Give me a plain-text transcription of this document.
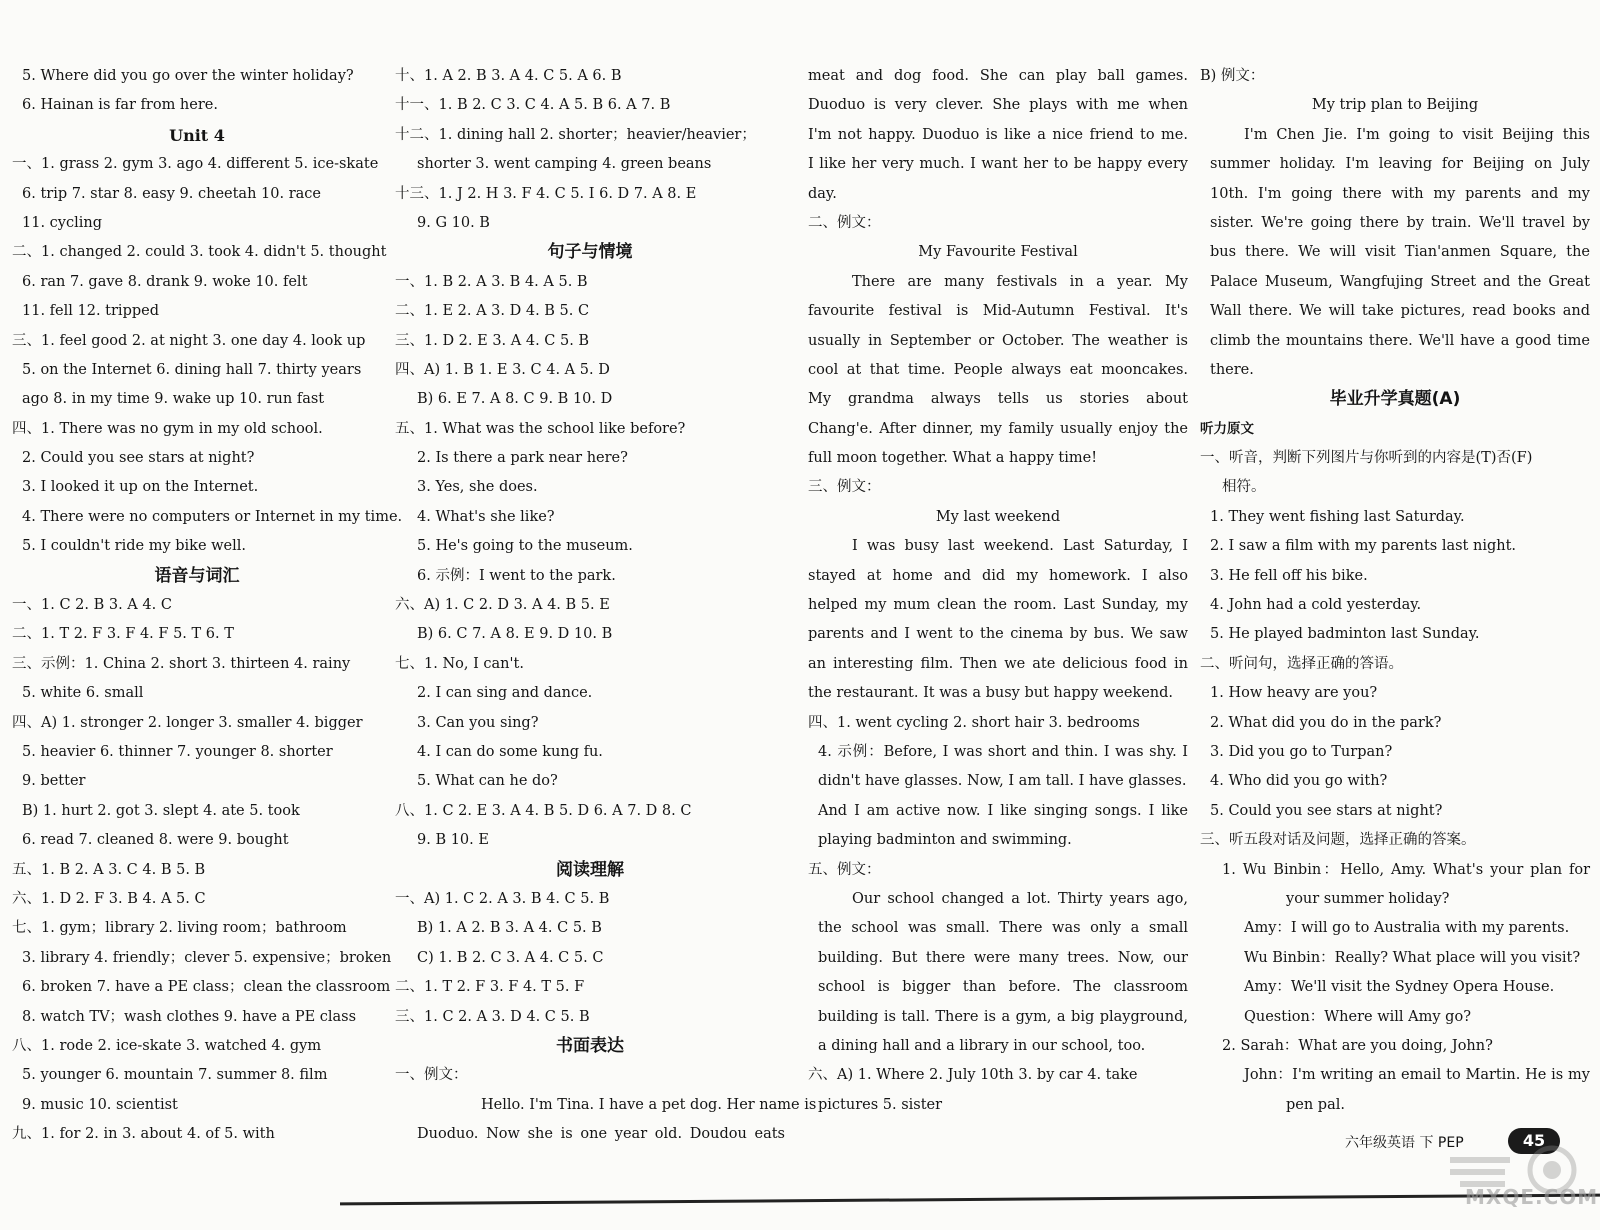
5. Where did you go over the winter holiday?
6. Hainan is far from here.
Unit 4
一、1. grass 2. gym 3. ago 4. different 5. ice-skate
6. trip 7. star 8. easy 9. cheetah 10. race
11. cycling
二、1. changed 2. could 3. took 4. didn't 5. thought
6. ran 7. gave 8. drank 9. woke 10. felt
11. fell 12. tripped
三、1. feel good 2. at night 3. one day 4. look up
5. on the Internet 6. dining hall 7. thirty years
ago 8. in my time 9. wake up 10. run fast
四、1. There was no gym in my old school.
2. Could you see stars at night?
3. I looked it up on the Internet.
4. There were no computers or Internet in my time.
5. I couldn't ride my bike well.
语音与词汇
一、1. C 2. B 3. A 4. C
二、1. T 2. F 3. F 4. F 5. T 6. T
三、示例：1. China 2. short 3. thirteen 4. rainy
5. white 6. small
四、A) 1. stronger 2. longer 3. smaller 4. bigger
5. heavier 6. thinner 7. younger 8. shorter
9. better
B) 1. hurt 2. got 3. slept 4. ate 5. took
6. read 7. cleaned 8. were 9. bought
五、1. B 2. A 3. C 4. B 5. B
六、1. D 2. F 3. B 4. A 5. C
七、1. gym；library 2. living room；bathroom
3. library 4. friendly；clever 5. expensive；broken
6. broken 7. have a PE class；clean the classroom
8. watch TV；wash clothes 9. have a PE class
八、1. rode 2. ice-skate 3. watched 4. gym
5. younger 6. mountain 7. summer 8. film
9. music 10. scientist
九、1. for 2. in 3. about 4. of 5. with
十、1. A 2. B 3. A 4. C 5. A 6. B
十一、1. B 2. C 3. C 4. A 5. B 6. A 7. B
十二、1. dining hall 2. shorter；heavier/heavier；
shorter 3. went camping 4. green beans
十三、1. J 2. H 3. F 4. C 5. I 6. D 7. A 8. E
9. G 10. B
句子与情境
一、1. B 2. A 3. B 4. A 5. B
二、1. E 2. A 3. D 4. B 5. C
三、1. D 2. E 3. A 4. C 5. B
四、A) 1. B 1. E 3. C 4. A 5. D
B) 6. E 7. A 8. C 9. B 10. D
五、1. What was the school like before?
2. Is there a park near here?
3. Yes, she does.
4. What's she like?
5. He's going to the museum.
6. 示例：I went to the park.
六、A) 1. C 2. D 3. A 4. B 5. E
B) 6. C 7. A 8. E 9. D 10. B
七、1. No, I can't.
2. I can sing and dance.
3. Can you sing?
4. I can do some kung fu.
5. What can he do?
八、1. C 2. E 3. A 4. B 5. D 6. A 7. D 8. C
9. B 10. E
阅读理解
一、A) 1. C 2. A 3. B 4. C 5. B
B) 1. A 2. B 3. A 4. C 5. B
C) 1. B 2. C 3. A 4. C 5. C
二、1. T 2. F 3. F 4. T 5. F
三、1. C 2. A 3. D 4. C 5. B
书面表达
一、例文：
Hello. I'm Tina. I have a pet dog. Her name is
Duoduo. Now she is one year old. Doudou eats
meat and dog food. She can play ball games.
Duoduo is very clever. She plays with me when
I'm not happy. Duoduo is like a nice friend to me.
I like her very much. I want her to be happy every
day.
二、例文：
My Favourite Festival
There are many festivals in a year. My
favourite festival is Mid-Autumn Festival. It's
usually in September or October. The weather is
cool at that time. People always eat mooncakes.
My grandma always tells us stories about
Chang'e. After dinner, my family usually enjoy the
full moon together. What a happy time!
三、例文：
My last weekend
I was busy last weekend. Last Saturday, I
stayed at home and did my homework. I also
helped my mum clean the room. Last Sunday, my
parents and I went to the cinema by bus. We saw
an interesting film. Then we ate delicious food in
the restaurant. It was a busy but happy weekend.
四、1. went cycling 2. short hair 3. bedrooms
4. 示例：Before, I was short and thin. I was shy. I
didn't have glasses. Now, I am tall. I have glasses.
And I am active now. I like singing songs. I like
playing badminton and swimming.
五、例文：
Our school changed a lot. Thirty years ago,
the school was small. There was only a small
building. But there were many trees. Now, our
school is bigger than before. The classroom
building is tall. There is a gym, a big playground,
a dining hall and a library in our school, too.
六、A) 1. Where 2. July 10th 3. by car 4. take
pictures 5. sister
B) 例文：
My trip plan to Beijing
I'm Chen Jie. I'm going to visit Beijing this
summer holiday. I'm leaving for Beijing on July
10th. I'm going there with my parents and my
sister. We're going there by train. We'll travel by
bus there. We will visit Tian'anmen Square, the
Palace Museum, Wangfujing Street and the Great
Wall there. We will take pictures, read books and
climb the mountains there. We'll have a good time
there.
毕业升学真题(A)
听力原文
一、听音，判断下列图片与你听到的内容是(T)否(F)
相符。
1. They went fishing last Saturday.
2. I saw a film with my parents last night.
3. He fell off his bike.
4. John had a cold yesterday.
5. He played badminton last Sunday.
二、听问句，选择正确的答语。
1. How heavy are you?
2. What did you do in the park?
3. Did you go to Turpan?
4. Who did you go with?
5. Could you see stars at night?
三、听五段对话及问题，选择正确的答案。
1. Wu Binbin：Hello, Amy. What's your plan for
your summer holiday?
Amy：I will go to Australia with my parents.
Wu Binbin：Really? What place will you visit?
Amy：We'll visit the Sydney Opera House.
Question：Where will Amy go?
2. Sarah：What are you doing, John?
John：I'm writing an email to Martin. He is my
pen pal.
六年级英语 下 PEP	45
MXQE.COM
